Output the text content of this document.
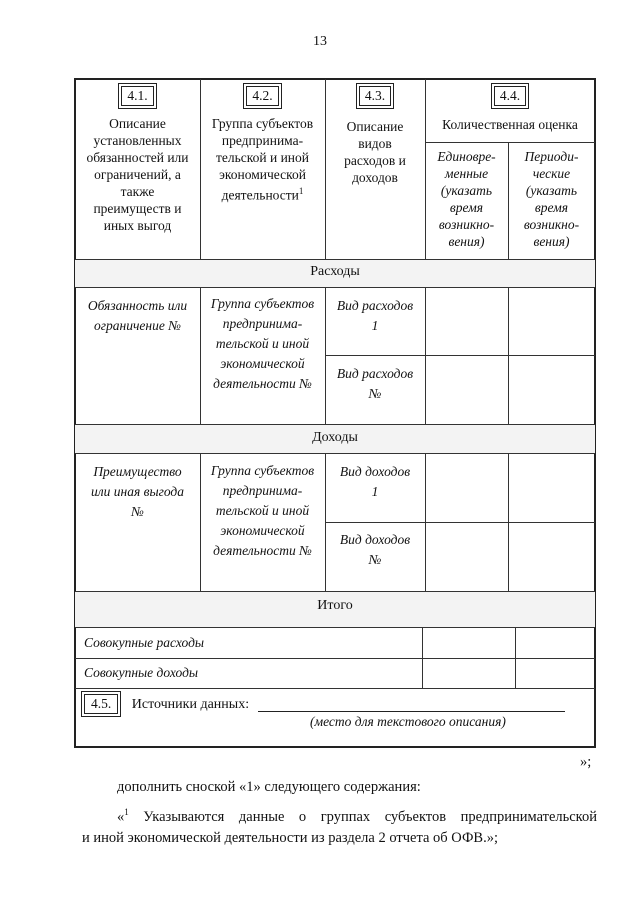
13
4.1.
Описание установленных обязанностей или ограничений, а также преимуществ и иных выгод
4.2.
Группа субъектов предпринима-тельской и иной экономической деятельности$^1$
4.3.
Описание видов расходов и доходов
4.4.
Количественная оценка
Единовре-менные (указать время возникно-вения)
Периоди-ческие (указать время возникно-вения)
Расходы
Обязанность или ограничение №
Группа субъектов предпринима-тельской и иной экономической деятельности №
Вид расходов 1
Вид расходов №
Доходы
Преимущество или иная выгода №
Группа субъектов предпринима-тельской и иной экономической деятельности №
Вид доходов 1
Вид доходов №
Итого
Совокупные расходы
Совокупные доходы
4.5. Источники данных:
(место для текстового описания)
»;
дополнить сноской «1» следующего содержания:
«$^1$ Указываются данные о группах субъектов предпринимательской
и иной экономической деятельности из раздела 2 отчета об ОФВ.»;
